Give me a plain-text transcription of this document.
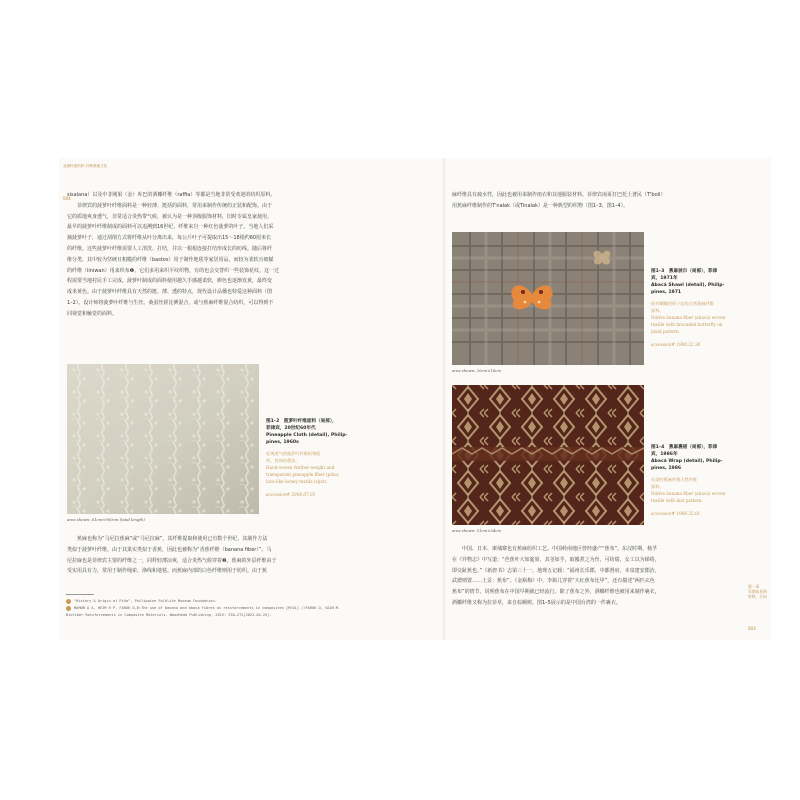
亚洲民族的织 纤维源流文化
004
sisalana）以及中非刚果（金）库巴的酒椰纤维（raffia）等都是当地非常受欢迎的纺织原料。
　　菲律宾的菠萝叶纤维面料是一种轻薄、挺括的面料，常用来制作传统的正装和配饰。由于
它的质地爽身透气，非常适合炎热带气候，被认为是一种顶级服饰材料，旧时专属皇家使用。
最早的菠萝叶纤维制成的面料可以追溯到16世纪，纤维来自一种红色菠萝的叶子。当地人们采
摘菠萝叶子，通过刮削方式将纤维从叶分离出来，每公斤叶子可提取出15～18根约60厘米长
的纤维。这些菠萝叶纤维需要人工清洗、打结，并以一根根连接打结形成长的纺线。随后将纤
维分类，其中较为坚硬且粗糙的纤维（bastos）用于制作地毯等家居用品，而较为柔软且细腻
的纤维（liniwan）用来织布❶。它们多用来织平纹织物，有的也会交替织一些装饰花纹。这一过
程需要当地村民手工完成。菠萝叶制成的面料使用越久手感越柔软，颜色也逐渐发黄，最终变
成米黄色。由于菠萝叶纤维具有天然的挺、薄、透的特点，现代设计品播也特爱这种面料（图
1–2）。设计师将菠萝叶纤维与生丝、桑蚕丝搓比例混合，或与蕉麻纤维混合纺织，可以得到不
同视觉和触觉的面料。
area shown: 61cm×900cm (total length)
图1–2　菠萝叶纤维面料（局部），
菲律宾，20世纪60年代
Pineapple Cloth (detail), Philip-
pines, 1960s
轻薄透气的菠萝叶纤维织物面
料，装饰的蕾丝。
Hand-woven feather-weight and
transparent pineapple fiber (piña),
lace-like honey textile (sipit).
accession# 2008.07.03
　　蕉麻也称为“马尼拉蕉麻”或“马尼拉麻”，其纤维提取和使用已有数个世纪，其制作方法
类似于菠萝叶纤维。由于其果实类似于香蕉，因此也被称为“香蕉纤维（banana fiber）”。马
尼拉麻也是菲律宾主要的纤维之一，同样轻薄凉爽，适合炎热气候穿着❷。蕉麻的外层纤维由于
受实用具有力，常用于制作绳索、渔线和地毯。而蕉麻内部的白色纤维则用于纺织。由于蕉
"History & Origin of Piña", Philippine Folklife Museum Foundation.
MAMUN A A, HEIM H P, FAROK O,B:The use of banana and abaca fibres as reinforcements in composites [M/OL] //FARUK O, SAIN M.
Biofiber Reinforcements in Composite Materials. Woodhead Publishing, 2015: 236–272[2022-04-25].
麻纤维具有疏水性，因此也被用来制作雨衣和其他服装材料。菲律宾南哥打巴托土著民（T'boli）
用蕉麻纤维制作的T'nalak（或Tinalak）是一种典型的织物（图1–3、图1–4）。
area shown: 20cm×16cm
图1–3　蕉麻披巾（局部），菲律
宾，1971年
Abacá Shawl (detail), Philip-
pines, 1971
织有蝴蝶图样子纹的天然蕉麻纤维
面料。
Native banana fiber (abacá) woven
textile with brocaded butterfly on
plaid pattern.
accession# 1980.22.38
area shown: 51cm×34cm
图1–4　蕉麻裹裙（局部），菲律
宾，1986年
Abacá Wrap (detail), Philip-
pines, 1986
扎染的蕉麻纤维天然纤维
面料。
Native banana fiber (abacá) woven
textile with ikat pattern.
accession# 1986.32.01
　　中国、日本、柬埔寨也有蕉麻纺织工艺。中国岭南地区曾经盛产“蕉布”。东汉时期，杨孚
在《异物志》中写道：“芭蕉叶大如筵席，其茎如芋，取镬煮之为丝，可纺绩，女工以为绨绤，
即交趾蕉也。”《新唐书》志第三十一，地理五记载：“福州长乐郡，中都督府。本泉建安郡治，
武德则置……土贡：蕉布”。《金瓶梅》中，李瓶儿穿着“大红蕉布比甲”，还有描述“两匹玄色
蕉布”的情节，说明蕉布在中国早期就已经流行。除了蕉布之外，酒椰纤维也被用来制作裹衣，
酒椰纤维又称为拉菲草，来自棕榈树。图1–5展示的是中国台湾的一件裹衣。
第一章
早期东亚的
材料、方向
003
